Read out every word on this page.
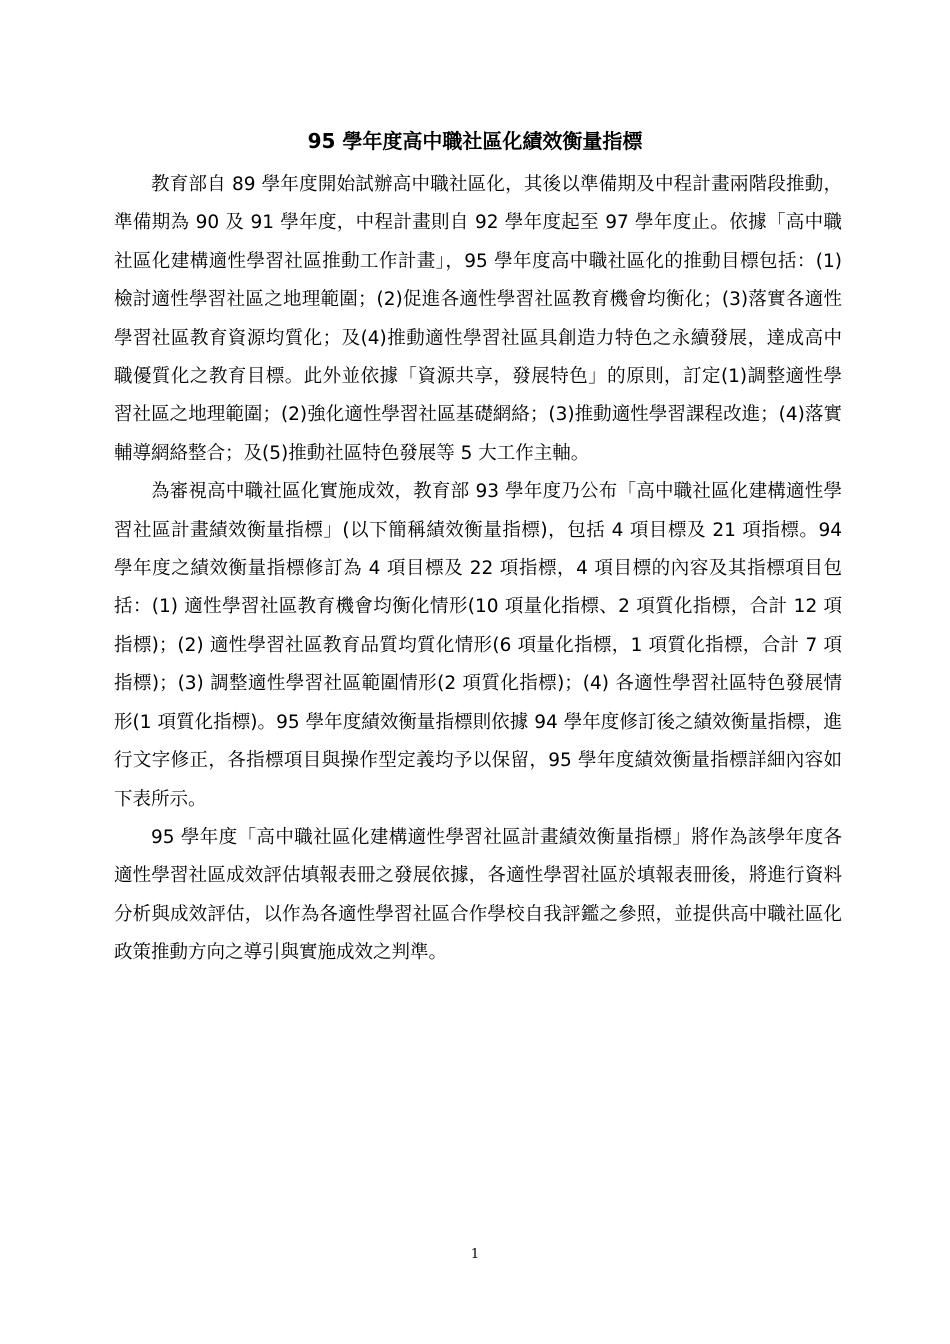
95 學年度高中職社區化績效衡量指標

教育部自 89 學年度開始試辦高中職社區化，其後以準備期及中程計畫兩階段推動，準備期為 90 及 91 學年度，中程計畫則自 92 學年度起至 97 學年度止。依據「高中職社區化建構適性學習社區推動工作計畫」，95 學年度高中職社區化的推動目標包括：(1)檢討適性學習社區之地理範圍；(2)促進各適性學習社區教育機會均衡化；(3)落實各適性學習社區教育資源均質化；及(4)推動適性學習社區具創造力特色之永續發展，達成高中職優質化之教育目標。此外並依據「資源共享，發展特色」的原則，訂定(1)調整適性學習社區之地理範圍；(2)強化適性學習社區基礎網絡；(3)推動適性學習課程改進；(4)落實輔導網絡整合；及(5)推動社區特色發展等 5 大工作主軸。

為審視高中職社區化實施成效，教育部 93 學年度乃公布「高中職社區化建構適性學習社區計畫績效衡量指標」(以下簡稱績效衡量指標)，包括 4 項目標及 21 項指標。94 學年度之績效衡量指標修訂為 4 項目標及 22 項指標，4 項目標的內容及其指標項目包括：(1) 適性學習社區教育機會均衡化情形(10 項量化指標、2 項質化指標，合計 12 項指標)；(2) 適性學習社區教育品質均質化情形(6 項量化指標，1 項質化指標，合計 7 項指標)；(3) 調整適性學習社區範圍情形(2 項質化指標)；(4) 各適性學習社區特色發展情形(1 項質化指標)。95 學年度績效衡量指標則依據 94 學年度修訂後之績效衡量指標，進行文字修正，各指標項目與操作型定義均予以保留，95 學年度績效衡量指標詳細內容如下表所示。

95 學年度「高中職社區化建構適性學習社區計畫績效衡量指標」將作為該學年度各適性學習社區成效評估填報表冊之發展依據，各適性學習社區於填報表冊後，將進行資料分析與成效評估，以作為各適性學習社區合作學校自我評鑑之參照，並提供高中職社區化政策推動方向之導引與實施成效之判準。

1
